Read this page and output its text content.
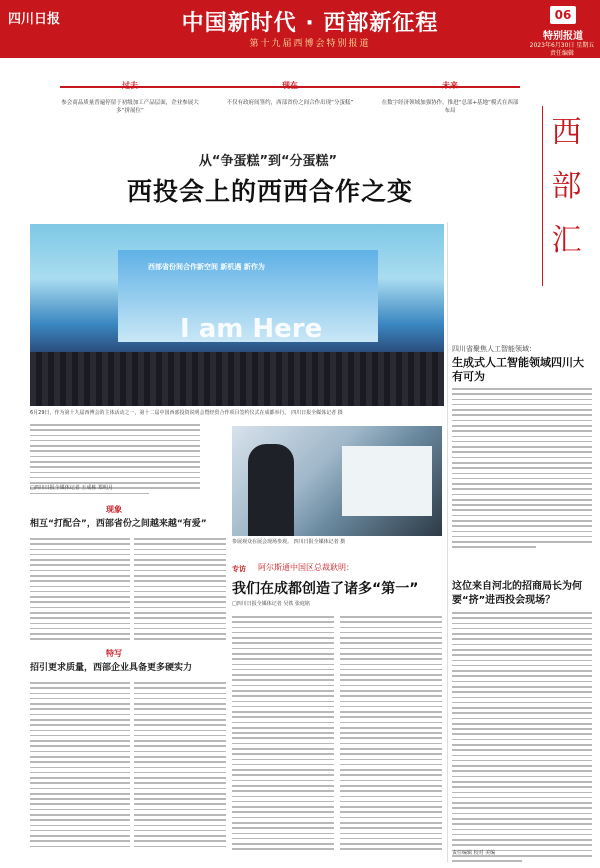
四川日报	中国新时代 · 西部新征程
第十九届西博会特别报道
06
特别报道
2023年6月30日 星期五
责任编辑
过去
参会商品质量普遍停留于初级加工产品层面，企业参展大多“拼展位”
现在
不仅有政府间签约，西部省份之间合作出现“分蛋糕”
未来
在数字经济领域加强协作，推进“总部+基地”模式在西部布局
西
部
汇
从“争蛋糕”到“分蛋糕”
西投会上的西西合作之变
西部省份间合作新空间 新机遇 新作为
I am Here
6月29日，作为第十九届西博会的主体活动之一，第十二届中国西部投资说明会暨经贸合作项目签约仪式在成都举行。 四川日报全媒体记者 摄
四川省聚焦人工智能领域：
生成式人工智能领域四川大有可为
这位来自河北的招商局长为何要“挤”进西投会现场？
责任编辑 校对 美编
□四川日报全媒体记者 王成栋 郑明月
现象
相互“打配合”，西部省份之间越来越“有爱”
特写
招引更求质量，西部企业具备更多硬实力
参展观众在展会现场参观。 四川日报全媒体记者 摄
专访	阿尔斯通中国区总裁耿明：
我们在成都创造了诸多“第一”
□四川日报全媒体记者 吴铁 张庭铭
